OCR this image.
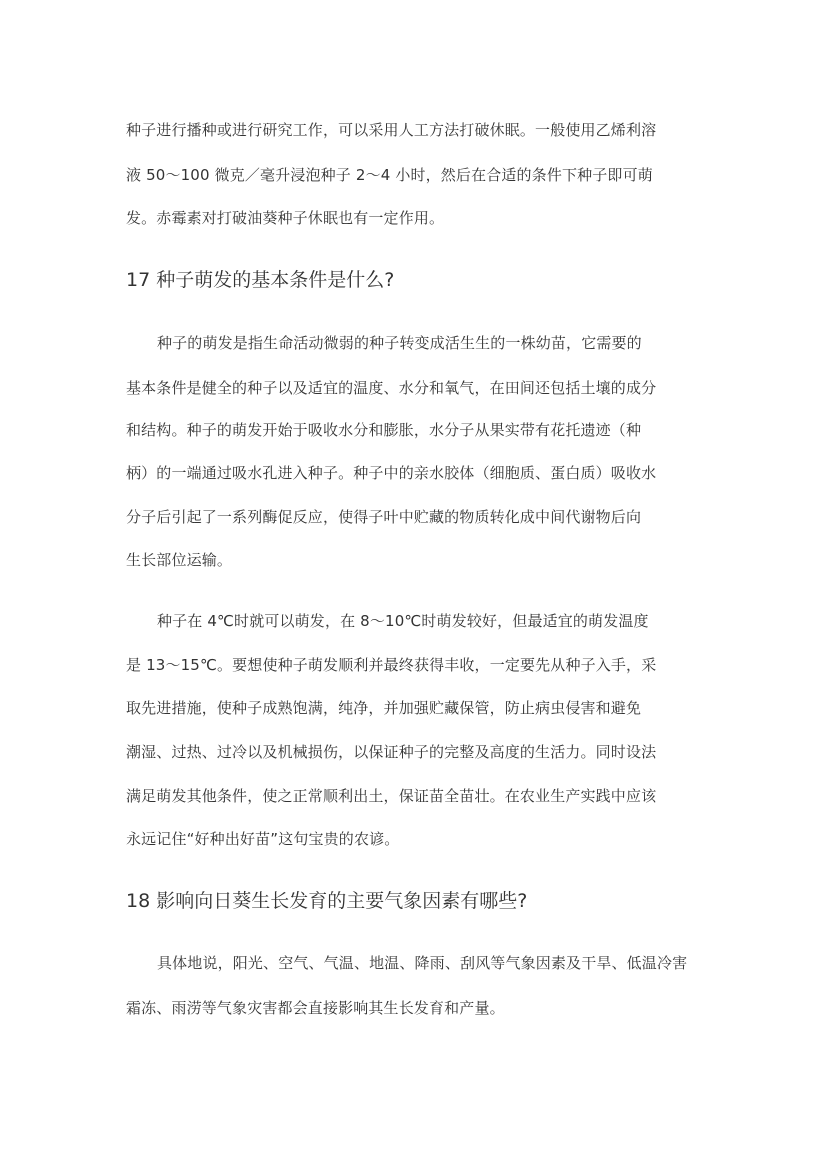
种子进行播种或进行研究工作，可以采用人工方法打破休眠。一般使用乙烯利溶
液 50～100 微克／毫升浸泡种子 2～4 小时，然后在合适的条件下种子即可萌
发。赤霉素对打破油葵种子休眠也有一定作用。
17 种子萌发的基本条件是什么?
种子的萌发是指生命活动微弱的种子转变成活生生的一株幼苗，它需要的
基本条件是健全的种子以及适宜的温度、水分和氧气，在田间还包括土壤的成分
和结构。种子的萌发开始于吸收水分和膨胀，水分子从果实带有花托遗迹（种
柄）的一端通过吸水孔进入种子。种子中的亲水胶体（细胞质、蛋白质）吸收水
分子后引起了一系列酶促反应，使得子叶中贮藏的物质转化成中间代谢物后向
生长部位运输。
种子在 4℃时就可以萌发，在 8～10℃时萌发较好，但最适宜的萌发温度
是 13～15℃。要想使种子萌发顺利并最终获得丰收，一定要先从种子入手，采
取先进措施，使种子成熟饱满，纯净，并加强贮藏保管，防止病虫侵害和避免
潮湿、过热、过冷以及机械损伤，以保证种子的完整及高度的生活力。同时设法
满足萌发其他条件，使之正常顺利出土，保证苗全苗壮。在农业生产实践中应该
永远记住“好种出好苗”这句宝贵的农谚。
18 影响向日葵生长发育的主要气象因素有哪些?
具体地说，阳光、空气、气温、地温、降雨、刮风等气象因素及干旱、低温冷害
霜冻、雨涝等气象灾害都会直接影响其生长发育和产量。
